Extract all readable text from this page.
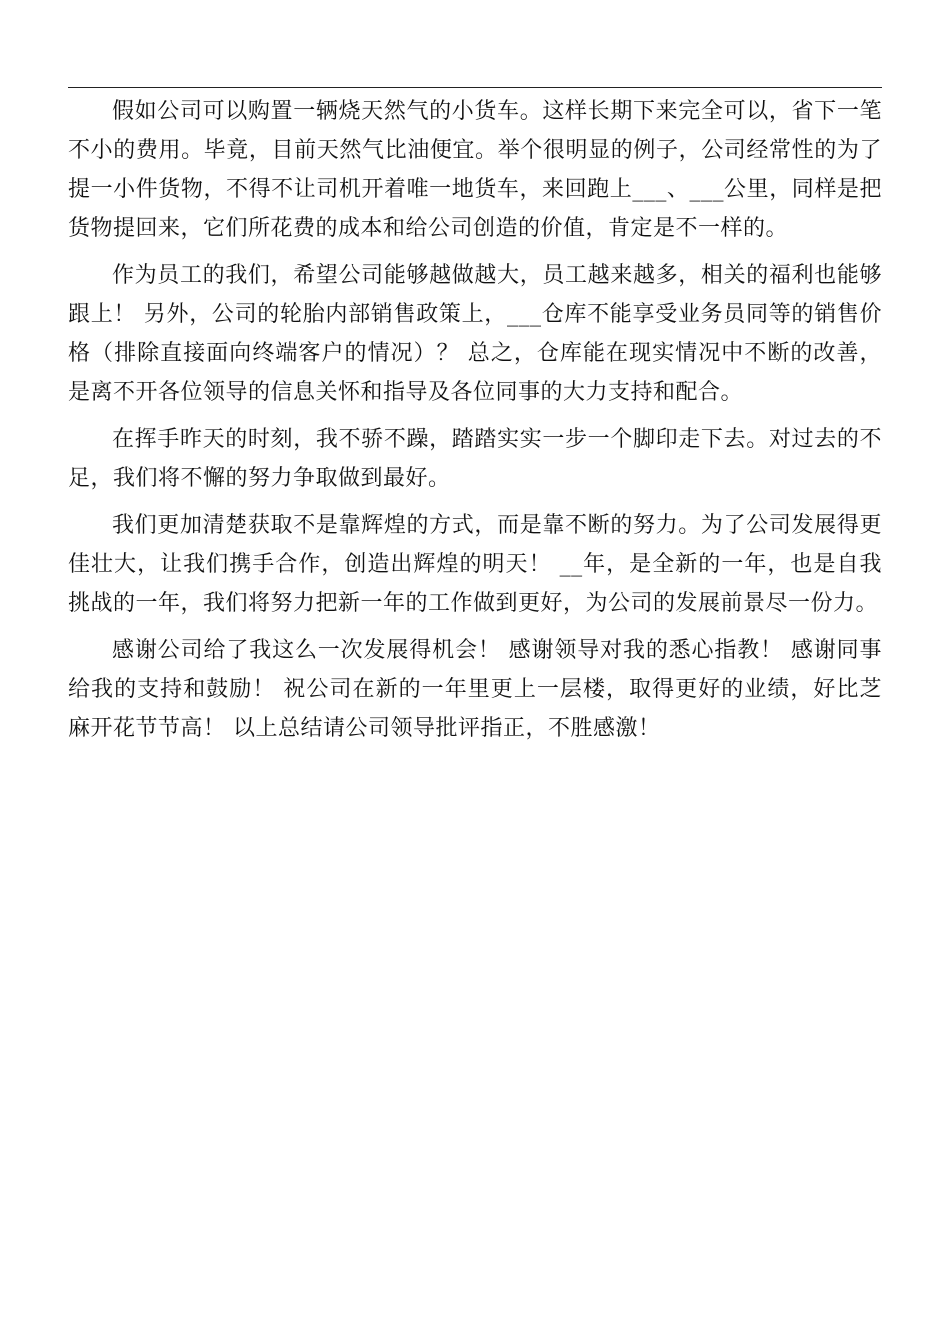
假如公司可以购置一辆烧天然气的小货车。这样长期下来完全可以，省下一笔不小的费用。毕竟，目前天然气比油便宜。举个很明显的例子，公司经常性的为了提一小件货物，不得不让司机开着唯一地货车，来回跑上___、___公里，同样是把货物提回来，它们所花费的成本和给公司创造的价值，肯定是不一样的。

作为员工的我们，希望公司能够越做越大，员工越来越多，相关的福利也能够跟上！ 另外，公司的轮胎内部销售政策上，___仓库不能享受业务员同等的销售价格（排除直接面向终端客户的情况）？ 总之，仓库能在现实情况中不断的改善，是离不开各位领导的信息关怀和指导及各位同事的大力支持和配合。

在挥手昨天的时刻，我不骄不躁，踏踏实实一步一个脚印走下去。对过去的不足，我们将不懈的努力争取做到最好。

我们更加清楚获取不是靠辉煌的方式，而是靠不断的努力。为了公司发展得更佳壮大，让我们携手合作，创造出辉煌的明天！ __年，是全新的一年，也是自我挑战的一年，我们将努力把新一年的工作做到更好，为公司的发展前景尽一份力。

感谢公司给了我这么一次发展得机会！ 感谢领导对我的悉心指教！ 感谢同事给我的支持和鼓励！ 祝公司在新的一年里更上一层楼，取得更好的业绩，好比芝麻开花节节高！ 以上总结请公司领导批评指正，不胜感激！
